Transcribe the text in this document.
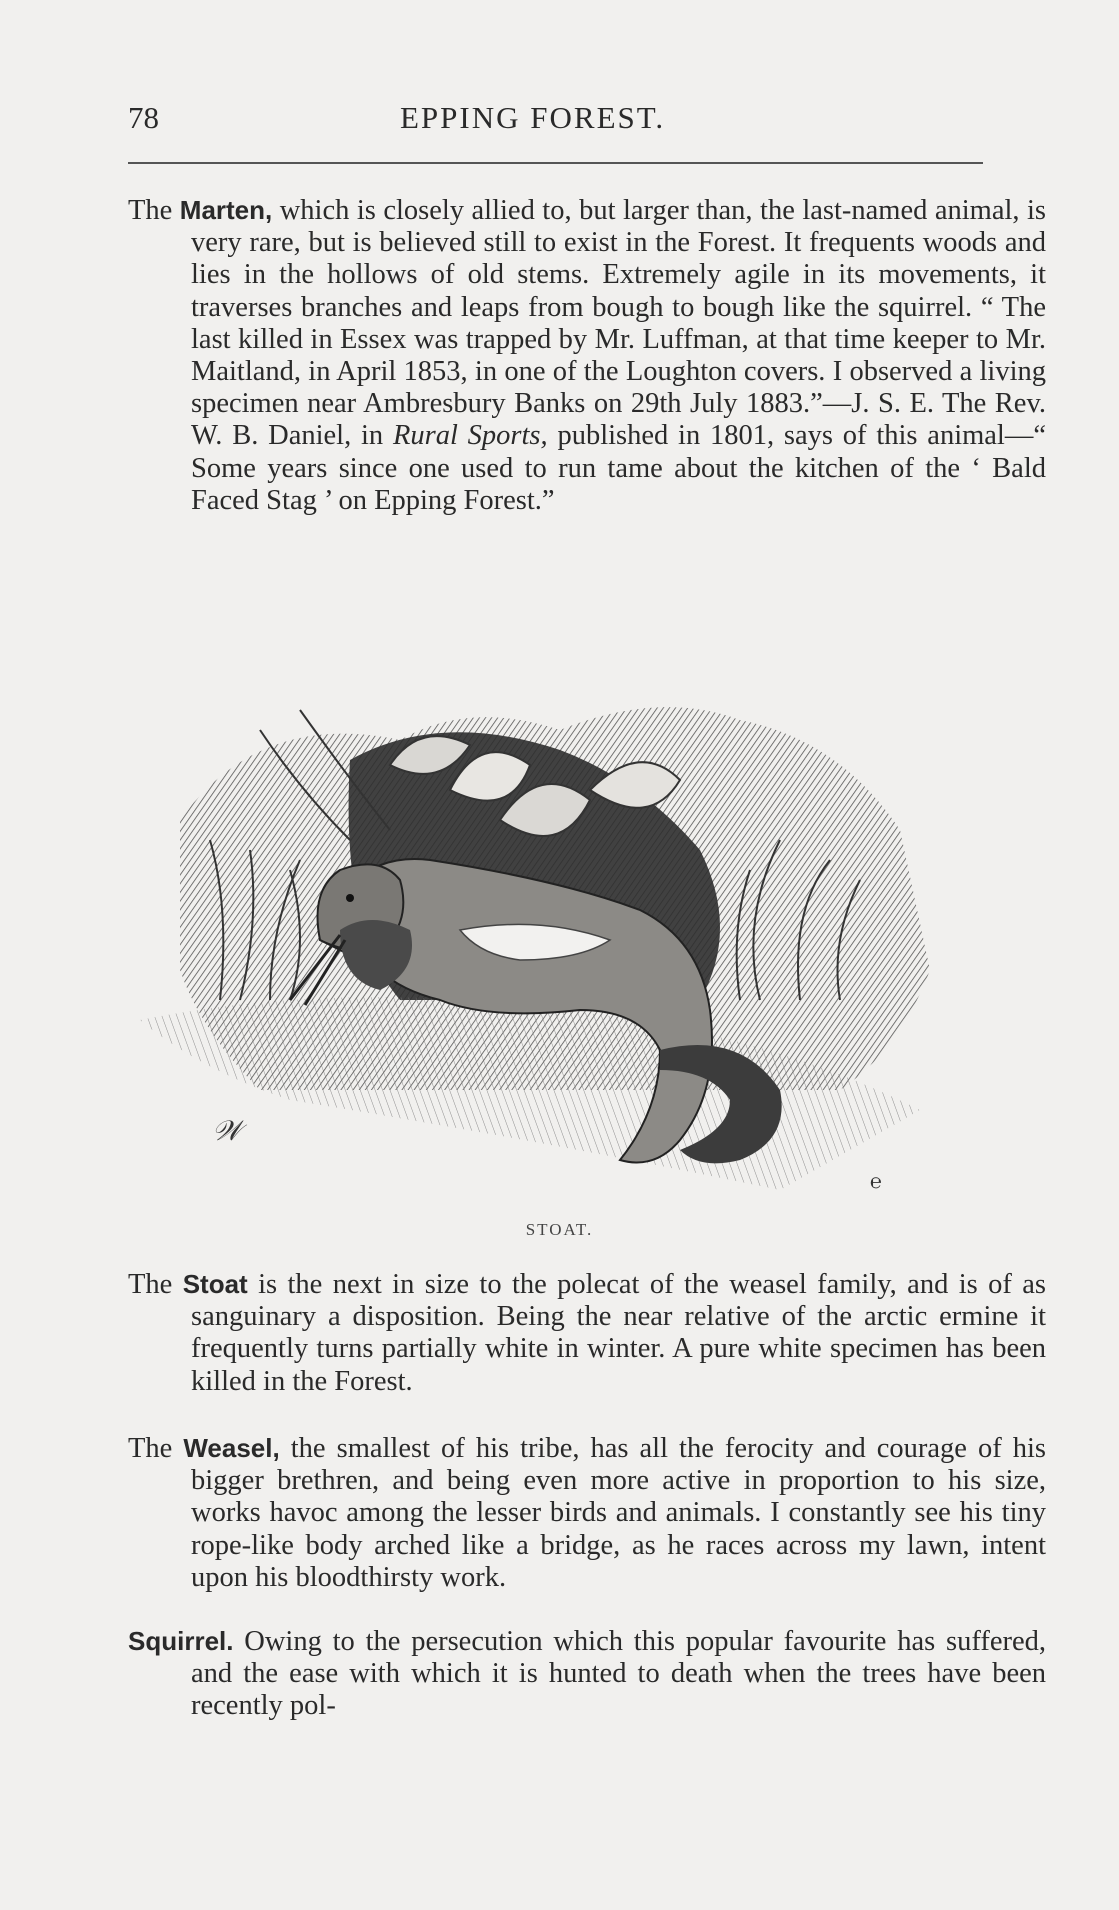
78	EPPING FOREST.

The Marten, which is closely allied to, but larger than, the last-named animal, is very rare, but is believed still to exist in the Forest. It frequents woods and lies in the hollows of old stems. Extremely agile in its movements, it traverses branches and leaps from bough to bough like the squirrel. “ The last killed in Essex was trapped by Mr. Luffman, at that time keeper to Mr. Maitland, in April 1853, in one of the Loughton covers. I observed a living specimen near Ambresbury Banks on 29th July 1883.”—J. S. E. The Rev. W. B. Daniel, in Rural Sports, published in 1801, says of this animal—“ Some years since one used to run tame about the kitchen of the ‘ Bald Faced Stag ’ on Epping Forest.”

𝒲
℮
STOAT.

The Stoat is the next in size to the polecat of the weasel family, and is of as sanguinary a disposition. Being the near relative of the arctic ermine it frequently turns partially white in winter. A pure white specimen has been killed in the Forest.

The Weasel, the smallest of his tribe, has all the ferocity and courage of his bigger brethren, and being even more active in proportion to his size, works havoc among the lesser birds and animals. I constantly see his tiny rope-like body arched like a bridge, as he races across my lawn, intent upon his bloodthirsty work.

Squirrel. Owing to the persecution which this popular favourite has suffered, and the ease with which it is hunted to death when the trees have been recently pol-
